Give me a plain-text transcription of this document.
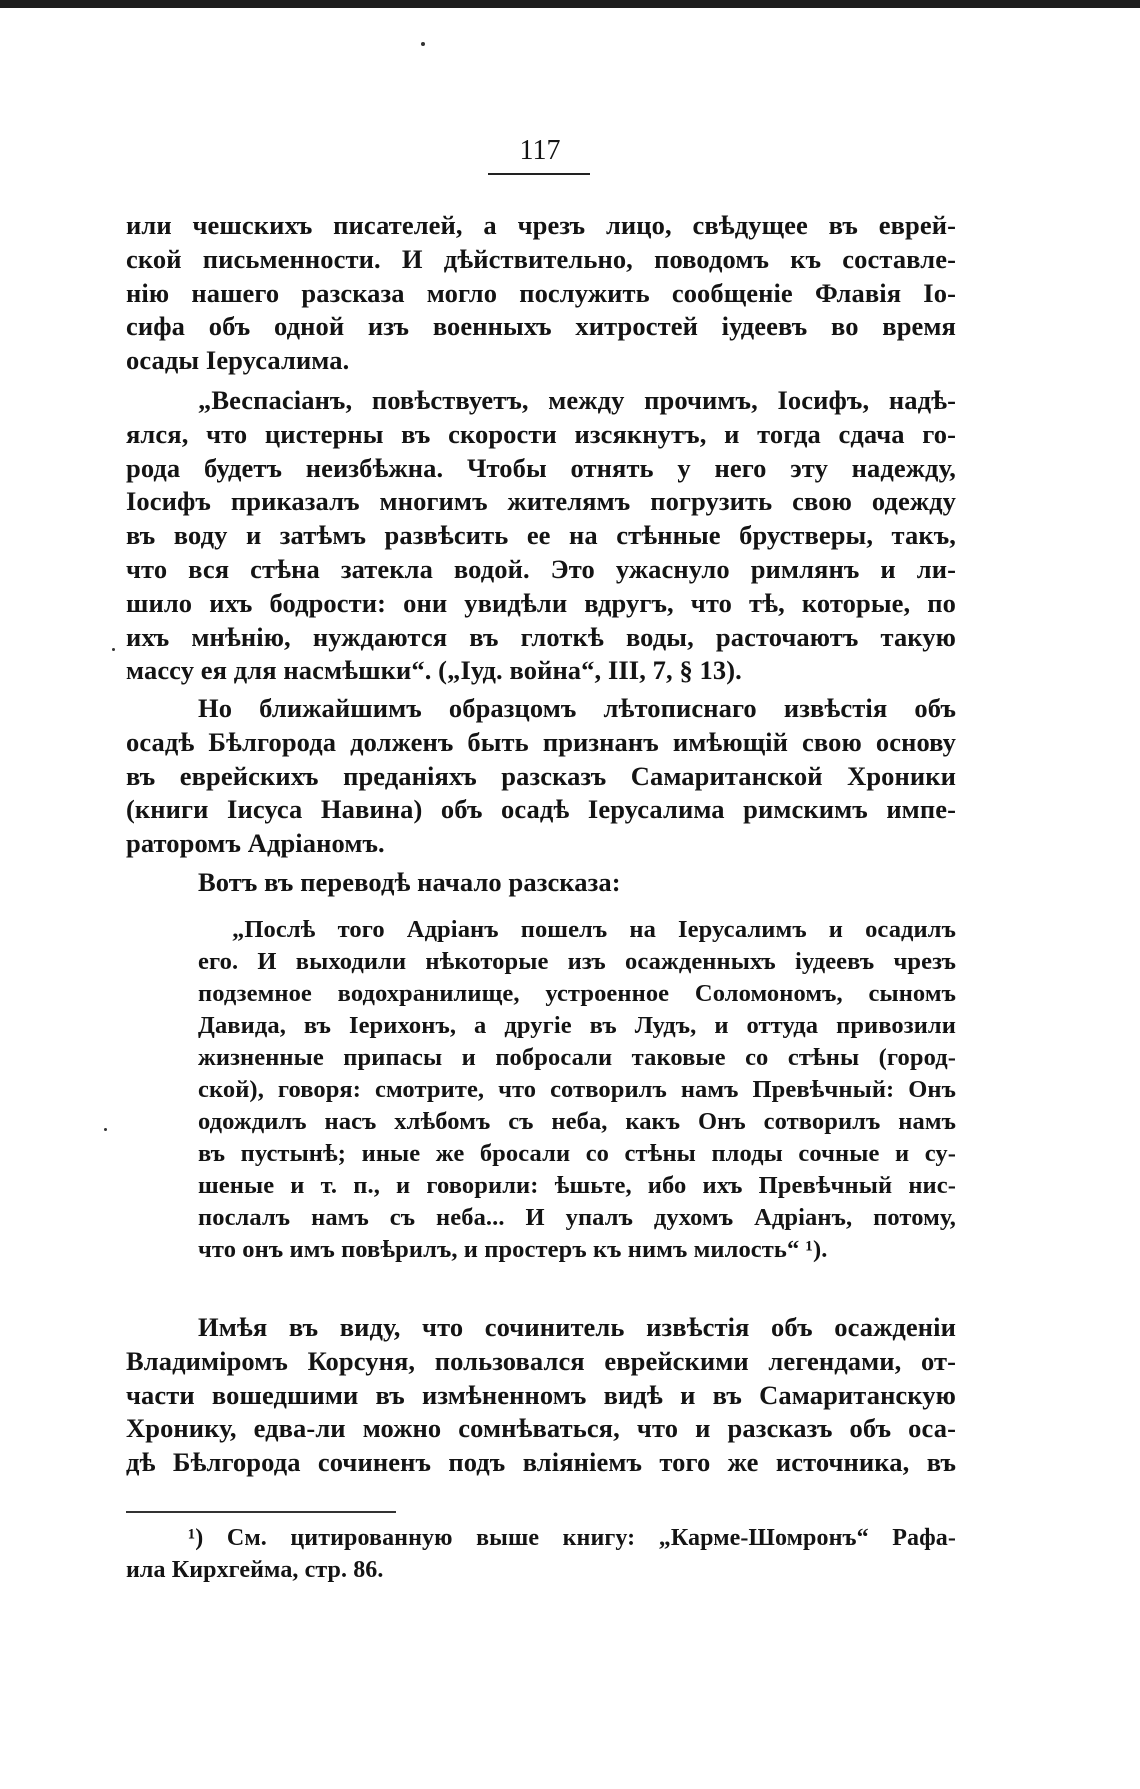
117
или чешскихъ писателей, а чрезъ лицо, свѣдущее въ еврей-
ской письменности. И дѣйствительно, поводомъ къ составле-
нію нашего разсказа могло послужить сообщеніе Флавія Іо-
сифа объ одной изъ военныхъ хитростей іудеевъ во время
осады Іерусалима.
„Веспасіанъ, повѣствуетъ, между прочимъ, Іосифъ, надѣ-
ялся, что цистерны въ скорости изсякнутъ, и тогда сдача го-
рода будетъ неизбѣжна. Чтобы отнять у него эту надежду,
Іосифъ приказалъ многимъ жителямъ погрузить свою одежду
въ воду и затѣмъ развѣсить ее на стѣнные брустверы, такъ,
что вся стѣна затекла водой. Это ужаснуло римлянъ и ли-
шило ихъ бодрости: они увидѣли вдругъ, что тѣ, которые, по
ихъ мнѣнію, нуждаются въ глоткѣ воды, расточаютъ такую
массу ея для насмѣшки“. („Іуд. война“, III, 7, § 13).
Но ближайшимъ образцомъ лѣтописнаго извѣстія объ
осадѣ Бѣлгорода долженъ быть признанъ имѣющій свою основу
въ еврейскихъ преданіяхъ разсказъ Самаританской Хроники
(книги Іисуса Навина) объ осадѣ Іерусалима римскимъ импе-
раторомъ Адріаномъ.
Вотъ въ переводѣ начало разсказа:
„Послѣ того Адріанъ пошелъ на Іерусалимъ и осадилъ
его. И выходили нѣкоторые изъ осажденныхъ іудеевъ чрезъ
подземное водохранилище, устроенное Соломономъ, сыномъ
Давида, въ Іерихонъ, а другіе въ Лудъ, и оттуда привозили
жизненные припасы и побросали таковые со стѣны (город-
ской), говоря: смотрите, что сотворилъ намъ Превѣчный: Онъ
одождилъ насъ хлѣбомъ съ неба, какъ Онъ сотворилъ намъ
въ пустынѣ; иные же бросали со стѣны плоды сочные и су-
шеные и т. п., и говорили: ѣшьте, ибо ихъ Превѣчный нис-
послалъ намъ съ неба... И упалъ духомъ Адріанъ, потому,
что онъ имъ повѣрилъ, и простеръ къ нимъ милость“ ¹).
Имѣя въ виду, что сочинитель извѣстія объ осажденіи
Владиміромъ Корсуня, пользовался еврейскими легендами, от-
части вошедшими въ измѣненномъ видѣ и въ Самаританскую
Хронику, едва-ли можно сомнѣваться, что и разсказъ объ оса-
дѣ Бѣлгорода сочиненъ подъ вліяніемъ того же источника, въ
¹) См. цитированную выше книгу: „Карме-Шомронъ“ Рафа-
ила Кирхгейма, стр. 86.
